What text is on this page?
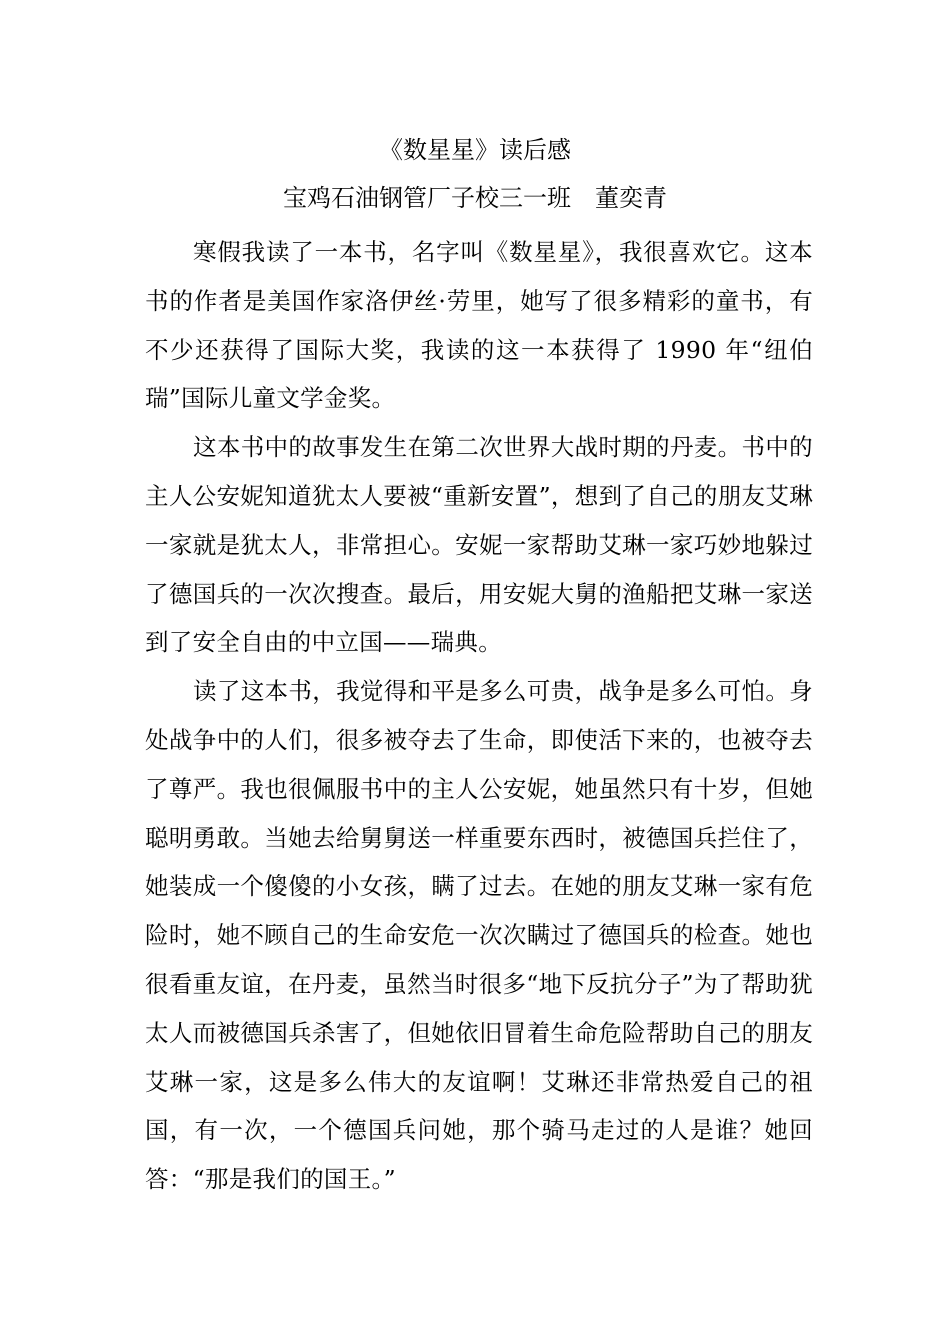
《数星星》读后感
宝鸡石油钢管厂子校三一班　董奕青

寒假我读了一本书，名字叫《数星星》，我很喜欢它。这本书的作者是美国作家洛伊丝·劳里，她写了很多精彩的童书，有不少还获得了国际大奖，我读的这一本获得了 1990 年“纽伯瑞”国际儿童文学金奖。

这本书中的故事发生在第二次世界大战时期的丹麦。书中的主人公安妮知道犹太人要被“重新安置”，想到了自己的朋友艾琳一家就是犹太人，非常担心。安妮一家帮助艾琳一家巧妙地躲过了德国兵的一次次搜查。最后，用安妮大舅的渔船把艾琳一家送到了安全自由的中立国——瑞典。

读了这本书，我觉得和平是多么可贵，战争是多么可怕。身处战争中的人们，很多被夺去了生命，即使活下来的，也被夺去了尊严。我也很佩服书中的主人公安妮，她虽然只有十岁，但她聪明勇敢。当她去给舅舅送一样重要东西时，被德国兵拦住了，她装成一个傻傻的小女孩，瞒了过去。在她的朋友艾琳一家有危险时，她不顾自己的生命安危一次次瞒过了德国兵的检查。她也很看重友谊，在丹麦，虽然当时很多“地下反抗分子”为了帮助犹太人而被德国兵杀害了，但她依旧冒着生命危险帮助自己的朋友艾琳一家，这是多么伟大的友谊啊！艾琳还非常热爱自己的祖国，有一次，一个德国兵问她，那个骑马走过的人是谁？她回答：“那是我们的国王。”
